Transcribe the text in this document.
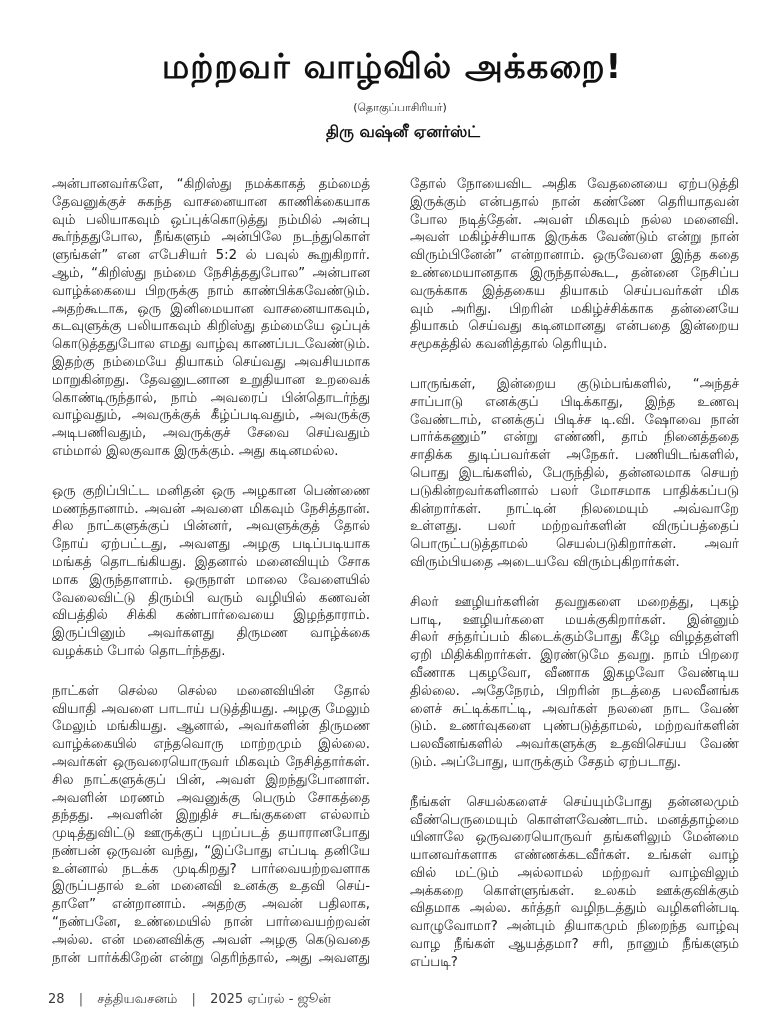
மற்றவர் வாழ்வில் அக்கறை!
(தொகுப்பாசிரியர்)
திரு வஷ்னீ ஏனர்ஸ்ட்
அன்பானவர்களே, “கிறிஸ்து நமக்காகத் தம்மைத்
தேவனுக்குச் சுகந்த வாசனையான காணிக்கையாக
வும் பலியாகவும் ஒப்புக்கொடுத்து நம்மில் அன்பு
கூர்ந்ததுபோல, நீங்களும் அன்பிலே நடந்துகொள்
ளுங்கள்” என எபேசியர் 5:2 ல் பவுல் கூறுகிறார்.
ஆம், “கிறிஸ்து நம்மை நேசித்ததுபோல” அன்பான
வாழ்க்கையை பிறருக்கு நாம் காண்பிக்கவேண்டும்.
அதற்கூடாக, ஒரு இனிமையான வாசனையாகவும்,
கடவுளுக்கு பலியாகவும் கிறிஸ்து தம்மையே ஒப்புக்
கொடுத்ததுபோல எமது வாழ்வு காணப்படவேண்டும்.
இதற்கு நம்மையே தியாகம் செய்வது அவசியமாக
மாறுகின்றது. தேவனுடனான உறுதியான உறவைக்
கொண்டிருந்தால், நாம் அவரைப் பின்தொடர்ந்து
வாழ்வதும், அவருக்குக் கீழ்ப்படிவதும், அவருக்கு
அடிபணிவதும், அவருக்குச் சேவை செய்வதும்
எம்மால் இலகுவாக இருக்கும். அது கடினமல்ல.
ஒரு குறிப்பிட்ட மனிதன் ஒரு அழகான பெண்ணை
மணந்தானாம். அவன் அவளை மிகவும் நேசித்தான்.
சில நாட்களுக்குப் பின்னர், அவளுக்குத் தோல்
நோய் ஏற்பட்டது, அவளது அழகு படிப்படியாக
மங்கத் தொடங்கியது. இதனால் மனைவியும் சோக
மாக இருந்தாளாம். ஒருநாள் மாலை வேளையில்
வேலைவிட்டு திரும்பி வரும் வழியில் கணவன்
விபத்தில் சிக்கி கண்பார்வையை இழந்தாராம்.
இருப்பினும் அவர்களது திருமண வாழ்க்கை
வழக்கம் போல் தொடர்ந்தது.
நாட்கள் செல்ல செல்ல மனைவியின் தோல்
வியாதி அவளை பாடாய் படுத்தியது. அழகு மேலும்
மேலும் மங்கியது. ஆனால், அவர்களின் திருமண
வாழ்க்கையில் எந்தவொரு மாற்றமும் இல்லை.
அவர்கள் ஒருவரையொருவர் மிகவும் நேசித்தார்கள்.
சில நாட்களுக்குப் பின், அவள் இறந்துபோனாள்.
அவளின் மரணம் அவனுக்கு பெரும் சோகத்தை
தந்தது. அவளின் இறுதிச் சடங்குகளை எல்லாம்
முடித்துவிட்டு ஊருக்குப் புறப்படத் தயாரானபோது
நண்பன் ஒருவன் வந்து, “இப்போது எப்படி தனியே
உன்னால் நடக்க முடிகிறது? பார்வையற்றவளாக
இருப்பதால் உன் மனைவி உனக்கு உதவி செய்-
தாளே” என்றானாம். அதற்கு அவன் பதிலாக,
“நண்பனே, உண்மையில் நான் பார்வையற்றவன்
அல்ல. என் மனைவிக்கு அவள் அழகு கெடுவதை
நான் பார்க்கிறேன் என்று தெரிந்தால், அது அவளது
தோல் நோயைவிட அதிக வேதனையை ஏற்படுத்தி
இருக்கும் என்பதால் நான் கண்ணே தெரியாதவன்
போல நடித்தேன். அவள் மிகவும் நல்ல மனைவி.
அவள் மகிழ்ச்சியாக இருக்க வேண்டும் என்று நான்
விரும்பினேன்” என்றானாம். ஒருவேளை இந்த கதை
உண்மையானதாக இருந்தால்கூட, தன்னை நேசிப்ப
வருக்காக இத்தகைய தியாகம் செய்பவர்கள் மிக
வும் அரிது. பிறரின் மகிழ்ச்சிக்காக தன்னையே
தியாகம் செய்வது கடினமானது என்பதை இன்றைய
சமூகத்தில் கவனித்தால் தெரியும்.
பாருங்கள், இன்றைய குடும்பங்களில், “அந்தச்
சாப்பாடு எனக்குப் பிடிக்காது, இந்த உணவு
வேண்டாம், எனக்குப் பிடிச்ச டி.வி. ஷோவை நான்
பார்க்கணும்” என்று எண்ணி, தாம் நினைத்ததை
சாதிக்க துடிப்பவர்கள் அநேகர். பணியிடங்களில்,
பொது இடங்களில், பேருந்தில், தன்னலமாக செயற்
படுகின்றவர்களினால் பலர் மோசமாக பாதிக்கப்படு
கின்றார்கள். நாட்டின் நிலமையும் அவ்வாறே
உள்ளது. பலர் மற்றவர்களின் விருப்பத்தைப்
பொருட்படுத்தாமல் செயல்படுகிறார்கள். அவர்
விரும்பியதை அடையவே விரும்புகிறார்கள்.
சிலர் ஊழியர்களின் தவறுகளை மறைத்து, புகழ்
பாடி, ஊழியர்களை மயக்குகிறார்கள். இன்னும்
சிலர் சந்தர்ப்பம் கிடைக்கும்போது கீழே விழத்தள்ளி
ஏறி மிதிக்கிறார்கள். இரண்டுமே தவறு. நாம் பிறரை
வீணாக புகழவோ, வீணாக இகழவோ வேண்டிய
தில்லை. அதேநேரம், பிறரின் நடத்தை பலவீனங்க
ளைச் சுட்டிக்காட்டி, அவர்கள் நலனை நாட வேண்
டும். உணர்வுகளை புண்படுத்தாமல், மற்றவர்களின்
பலவீனங்களில் அவர்களுக்கு உதவிசெய்ய வேண்
டும். அப்போது, யாருக்கும் சேதம் ஏற்படாது.
நீங்கள் செயல்களைச் செய்யும்போது தன்னலமும்
வீண்பெருமையும் கொள்ளவேண்டாம். மனத்தாழ்மை
யினாலே ஒருவரையொருவர் தங்களிலும் மேன்மை
யானவர்களாக எண்ணக்கடவீர்கள். உங்கள் வாழ்
வில் மட்டும் அல்லாமல் மற்றவர் வாழ்விலும்
அக்கறை கொள்ளுங்கள். உலகம் ஊக்குவிக்கும்
விதமாக அல்ல. கர்த்தர் வழிநடத்தும் வழிகளின்படி
வாழுவோமா? அன்பும் தியாகமும் நிறைந்த வாழ்வு
வாழ நீங்கள் ஆயத்தமா? சரி, நானும் நீங்களும்
எப்படி?
28 | சத்தியவசனம் | 2025 ஏப்ரல் - ஜூன்
